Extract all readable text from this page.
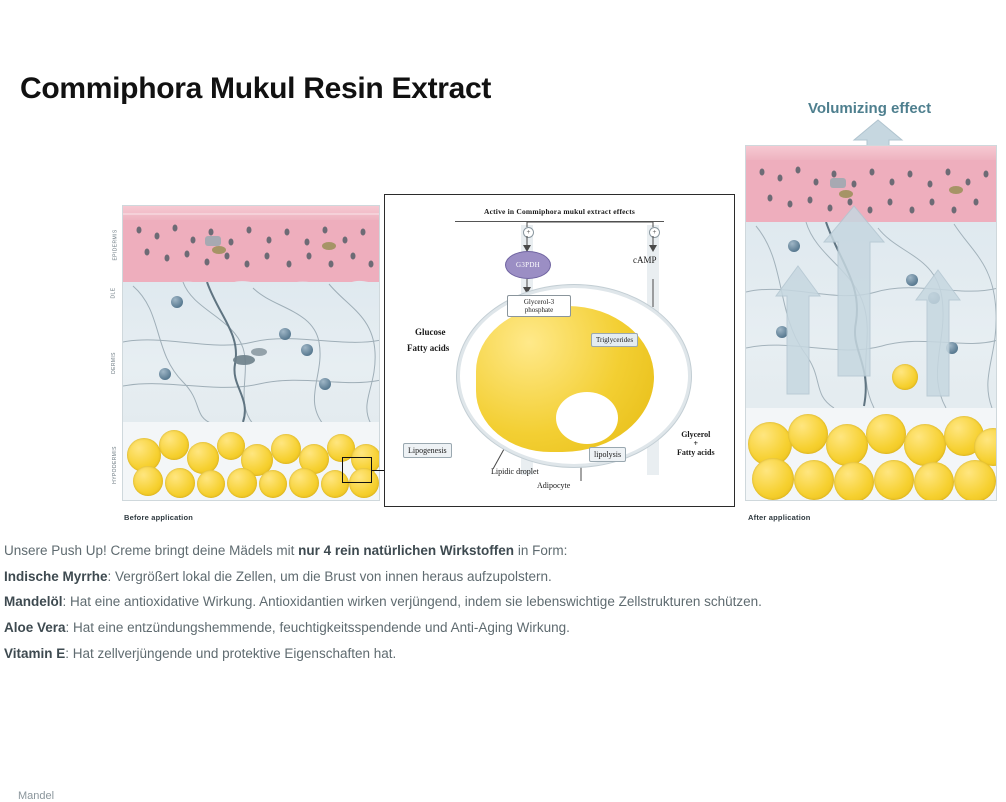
Commiphora Mukul Resin Extract
Volumizing effect
Before application
EPIDERMIS
DLE
DERMIS
HYPODERMIS
After application
Active in Commiphora mukul extract effects
+	+
G3PDH	cAMP
Glycerol-3
phosphate
Triglycerides
Glucose
Fatty acids
Lipogenesis	lipolysis
Glycerol
+
Fatty acids
Lipidic droplet
Adipocyte
Unsere Push Up! Creme bringt deine Mädels mit nur 4 rein natürlichen Wirkstoffen in Form:
Indische Myrrhe: Vergrößert lokal die Zellen, um die Brust von innen heraus aufzupolstern.
Mandelöl: Hat eine antioxidative Wirkung. Antioxidantien wirken verjüngend, indem sie lebenswichtige Zellstrukturen schützen.
Aloe Vera: Hat eine entzündungshemmende, feuchtigkeitsspendende und Anti-Aging Wirkung.
Vitamin E: Hat zellverjüngende und protektive Eigenschaften hat.
Mandel
